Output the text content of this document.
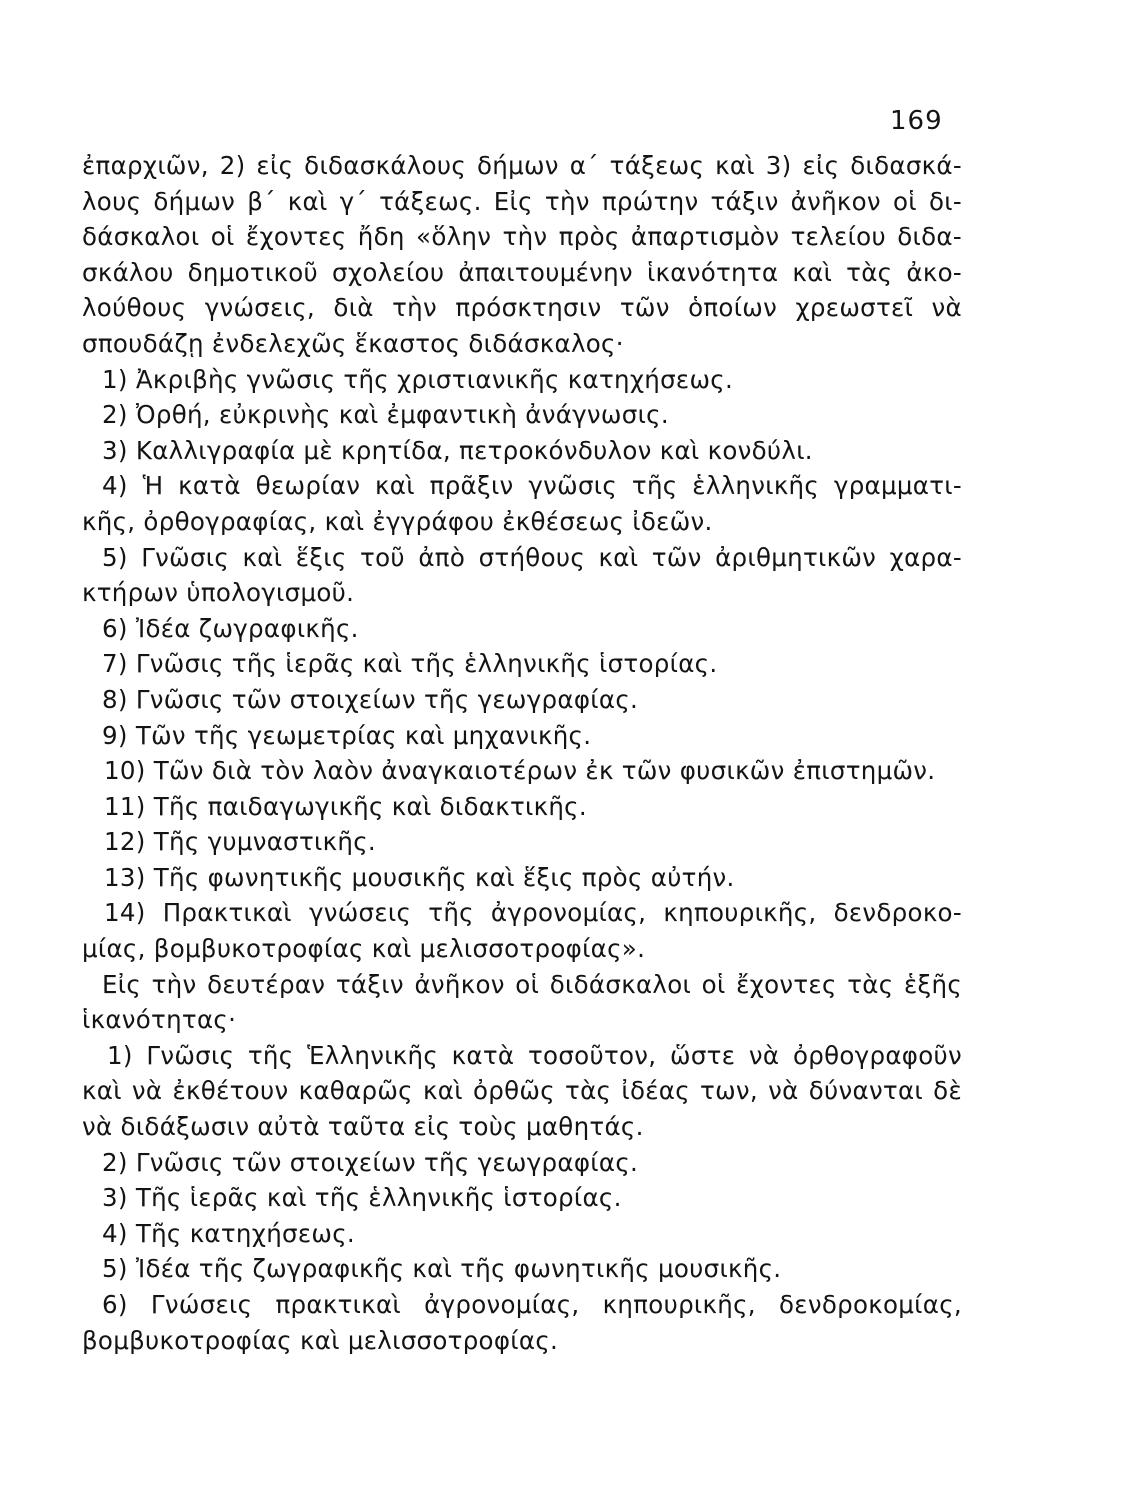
169
ἐπαρχιῶν, 2) εἰς διδασκάλους δήμων α΄ τάξεως καὶ 3) εἰς διδασκά-
λους δήμων β΄ καὶ γ΄ τάξεως. Εἰς τὴν πρώτην τάξιν ἀνῆκον οἱ δι-
δάσκαλοι οἱ ἔχοντες ἤδη «ὅλην τὴν πρὸς ἀπαρτισμὸν τελείου διδα-
σκάλου δημοτικοῦ σχολείου ἀπαιτουμένην ἱκανότητα καὶ τὰς ἀκο-
λούθους γνώσεις, διὰ τὴν πρόσκτησιν τῶν ὁποίων χρεωστεῖ νὰ
σπουδάζῃ ἐνδελεχῶς ἕκαστος διδάσκαλος·
1) Ἀκριβὴς γνῶσις τῆς χριστιανικῆς κατηχήσεως.
2) Ὀρθή, εὐκρινὴς καὶ ἐμφαντικὴ ἀνάγνωσις.
3) Καλλιγραφία μὲ κρητίδα, πετροκόνδυλον καὶ κονδύλι.
4) Ἡ κατὰ θεωρίαν καὶ πρᾶξιν γνῶσις τῆς ἑλληνικῆς γραμματι-
κῆς, ὀρθογραφίας, καὶ ἐγγράφου ἐκθέσεως ἰδεῶν.
5) Γνῶσις καὶ ἕξις τοῦ ἀπὸ στήθους καὶ τῶν ἀριθμητικῶν χαρα-
κτήρων ὑπολογισμοῦ.
6) Ἰδέα ζωγραφικῆς.
7) Γνῶσις τῆς ἱερᾶς καὶ τῆς ἑλληνικῆς ἱστορίας.
8) Γνῶσις τῶν στοιχείων τῆς γεωγραφίας.
9) Τῶν τῆς γεωμετρίας καὶ μηχανικῆς.
10) Τῶν διὰ τὸν λαὸν ἀναγκαιοτέρων ἐκ τῶν φυσικῶν ἐπιστημῶν.
11) Τῆς παιδαγωγικῆς καὶ διδακτικῆς.
12) Τῆς γυμναστικῆς.
13) Τῆς φωνητικῆς μουσικῆς καὶ ἕξις πρὸς αὐτήν.
14) Πρακτικαὶ γνώσεις τῆς ἀγρονομίας, κηπουρικῆς, δενδροκο-
μίας, βομβυκοτροφίας καὶ μελισσοτροφίας».
Εἰς τὴν δευτέραν τάξιν ἀνῆκον οἱ διδάσκαλοι οἱ ἔχοντες τὰς ἑξῆς
ἱκανότητας·
1) Γνῶσις τῆς Ἑλληνικῆς κατὰ τοσοῦτον, ὥστε νὰ ὀρθογραφοῦν
καὶ νὰ ἐκθέτουν καθαρῶς καὶ ὀρθῶς τὰς ἰδέας των, νὰ δύνανται δὲ
νὰ διδάξωσιν αὐτὰ ταῦτα εἰς τοὺς μαθητάς.
2) Γνῶσις τῶν στοιχείων τῆς γεωγραφίας.
3) Τῆς ἱερᾶς καὶ τῆς ἑλληνικῆς ἱστορίας.
4) Τῆς κατηχήσεως.
5) Ἰδέα τῆς ζωγραφικῆς καὶ τῆς φωνητικῆς μουσικῆς.
6) Γνώσεις πρακτικαὶ ἀγρονομίας, κηπουρικῆς, δενδροκομίας,
βομβυκοτροφίας καὶ μελισσοτροφίας.
